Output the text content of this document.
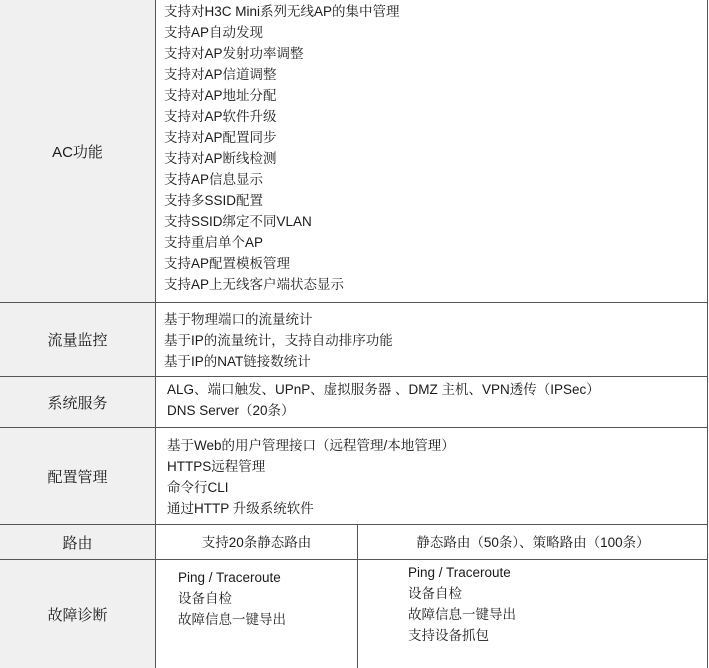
AC功能
流量监控
系统服务
配置管理
路由
故障诊断
支持对H3C Mini系列无线AP的集中管理
支持AP自动发现
支持对AP发射功率调整
支持对AP信道调整
支持对AP地址分配
支持对AP软件升级
支持对AP配置同步
支持对AP断线检测
支持AP信息显示
支持多SSID配置
支持SSID绑定不同VLAN
支持重启单个AP
支持AP配置模板管理
支持AP上无线客户端状态显示
基于物理端口的流量统计
基于IP的流量统计，支持自动排序功能
基于IP的NAT链接数统计
ALG、端口触发、UPnP、虚拟服务器 、DMZ 主机、VPN透传（IPSec）
DNS Server（20条）
基于Web的用户管理接口（远程管理/本地管理）
HTTPS远程管理
命令行CLI
通过HTTP 升级系统软件
支持20条静态路由	静态路由（50条）、策略路由（100条）
Ping / Traceroute
设备自检
故障信息一键导出
Ping / Traceroute
设备自检
故障信息一键导出
支持设备抓包
